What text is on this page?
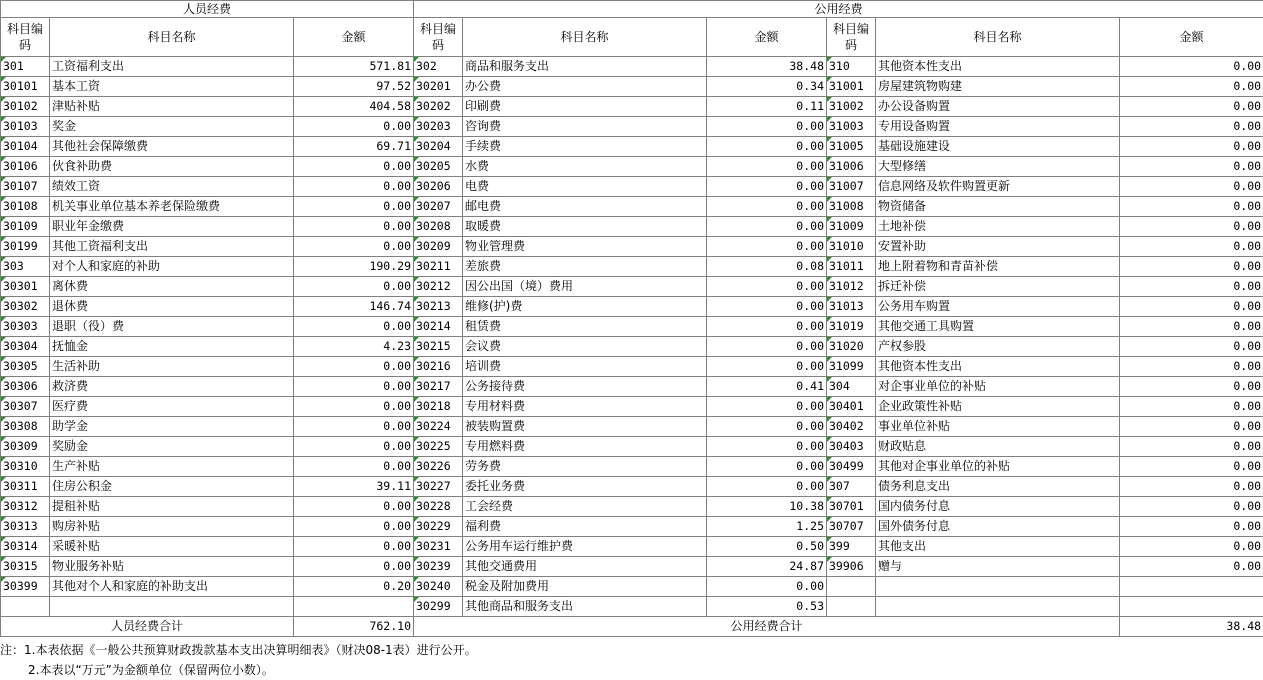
人员经费			公用经费					
科目编码	科目名称	金额	科目编码	科目名称	金额	科目编码	科目名称	金额
301	工资福利支出	571.81	302	商品和服务支出	38.48	310	其他资本性支出	0.00
30101	基本工资	97.52	30201	办公费	0.34	31001	房屋建筑物购建	0.00
30102	津贴补贴	404.58	30202	印刷费	0.11	31002	办公设备购置	0.00
30103	奖金	0.00	30203	咨询费	0.00	31003	专用设备购置	0.00
30104	其他社会保障缴费	69.71	30204	手续费	0.00	31005	基础设施建设	0.00
30106	伙食补助费	0.00	30205	水费	0.00	31006	大型修缮	0.00
30107	绩效工资	0.00	30206	电费	0.00	31007	信息网络及软件购置更新	0.00
30108	机关事业单位基本养老保险缴费	0.00	30207	邮电费	0.00	31008	物资储备	0.00
30109	职业年金缴费	0.00	30208	取暖费	0.00	31009	土地补偿	0.00
30199	其他工资福利支出	0.00	30209	物业管理费	0.00	31010	安置补助	0.00
303	对个人和家庭的补助	190.29	30211	差旅费	0.08	31011	地上附着物和青苗补偿	0.00
30301	离休费	0.00	30212	因公出国（境）费用	0.00	31012	拆迁补偿	0.00
30302	退休费	146.74	30213	维修(护)费	0.00	31013	公务用车购置	0.00
30303	退职（役）费	0.00	30214	租赁费	0.00	31019	其他交通工具购置	0.00
30304	抚恤金	4.23	30215	会议费	0.00	31020	产权参股	0.00
30305	生活补助	0.00	30216	培训费	0.00	31099	其他资本性支出	0.00
30306	救济费	0.00	30217	公务接待费	0.41	304	对企事业单位的补贴	0.00
30307	医疗费	0.00	30218	专用材料费	0.00	30401	企业政策性补贴	0.00
30308	助学金	0.00	30224	被装购置费	0.00	30402	事业单位补贴	0.00
30309	奖励金	0.00	30225	专用燃料费	0.00	30403	财政贴息	0.00
30310	生产补贴	0.00	30226	劳务费	0.00	30499	其他对企事业单位的补贴	0.00
30311	住房公积金	39.11	30227	委托业务费	0.00	307	债务利息支出	0.00
30312	提租补贴	0.00	30228	工会经费	10.38	30701	国内债务付息	0.00
30313	购房补贴	0.00	30229	福利费	1.25	30707	国外债务付息	0.00
30314	采暖补贴	0.00	30231	公务用车运行维护费	0.50	399	其他支出	0.00
30315	物业服务补贴	0.00	30239	其他交通费用	24.87	39906	赠与	0.00
30399	其他对个人和家庭的补助支出	0.20	30240	税金及附加费用	0.00			
			30299	其他商品和服务支出	0.53			
人员经费合计		762.10	公用经费合计					38.48
注：1.本表依据《一般公共预算财政拨款基本支出决算明细表》（财决08-1表）进行公开。
2.本表以“万元”为金额单位（保留两位小数）。
